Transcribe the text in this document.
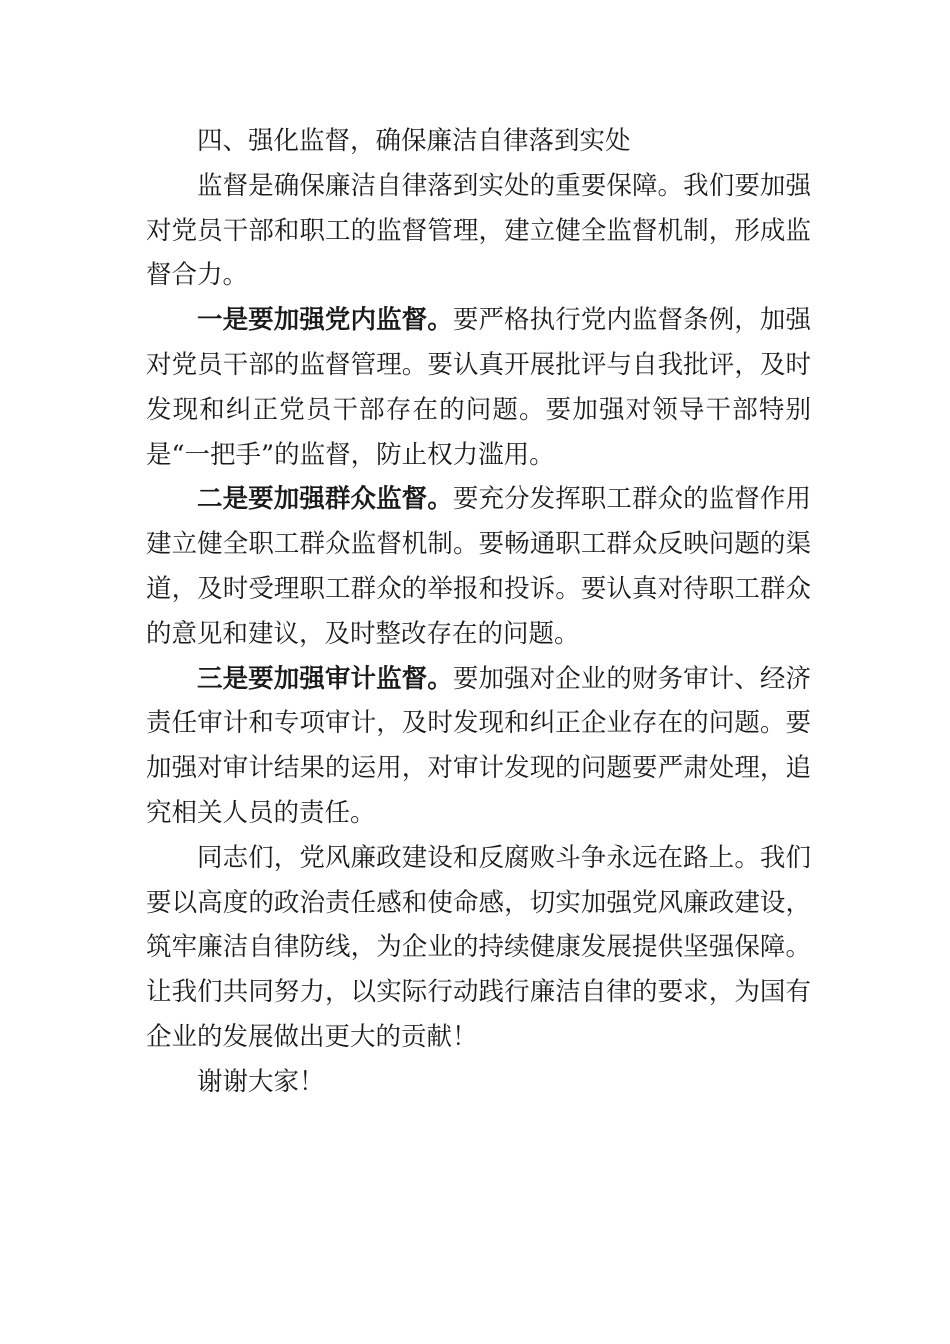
四、强化监督，确保廉洁自律落到实处

监督是确保廉洁自律落到实处的重要保障。我们要加强对党员干部和职工的监督管理，建立健全监督机制，形成监督合力。

一是要加强党内监督。要严格执行党内监督条例，加强对党员干部的监督管理。要认真开展批评与自我批评，及时发现和纠正党员干部存在的问题。要加强对领导干部特别是“一把手”的监督，防止权力滥用。

二是要加强群众监督。要充分发挥职工群众的监督作用建立健全职工群众监督机制。要畅通职工群众反映问题的渠道，及时受理职工群众的举报和投诉。要认真对待职工群众的意见和建议，及时整改存在的问题。

三是要加强审计监督。要加强对企业的财务审计、经济责任审计和专项审计，及时发现和纠正企业存在的问题。要加强对审计结果的运用，对审计发现的问题要严肃处理，追究相关人员的责任。

同志们，党风廉政建设和反腐败斗争永远在路上。我们要以高度的政治责任感和使命感，切实加强党风廉政建设，筑牢廉洁自律防线，为企业的持续健康发展提供坚强保障。让我们共同努力，以实际行动践行廉洁自律的要求，为国有企业的发展做出更大的贡献！

谢谢大家！
